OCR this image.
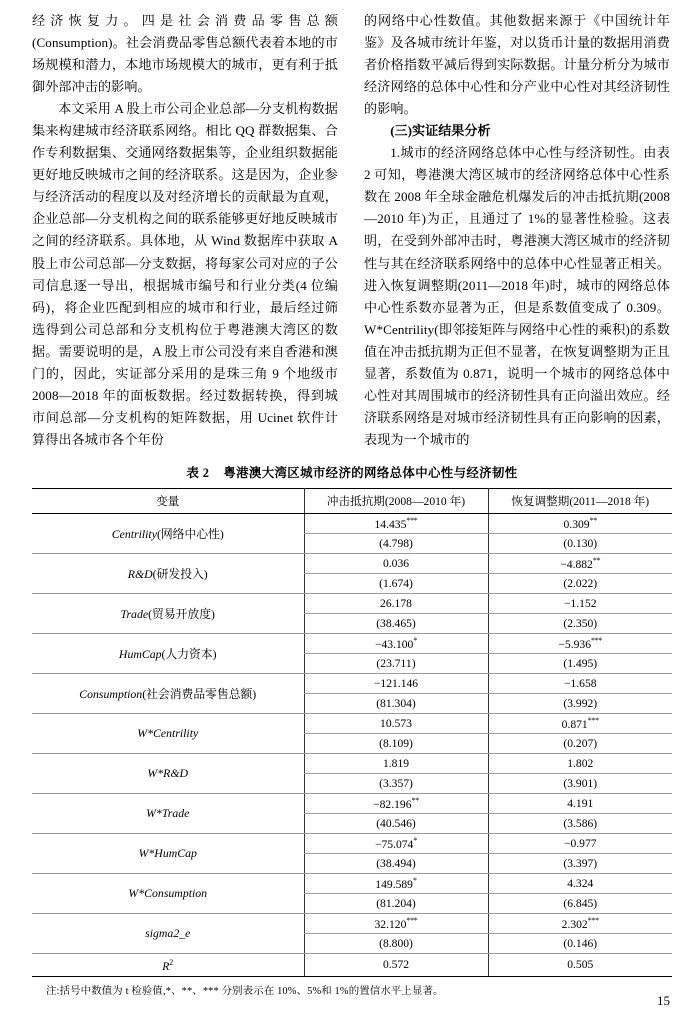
经济恢复力。四是社会消费品零售总额(Consumption)。社会消费品零售总额代表着本地的市场规模和潜力，本地市场规模大的城市，更有利于抵御外部冲击的影响。

本文采用 A 股上市公司企业总部—分支机构数据集来构建城市经济联系网络。相比 QQ 群数据集、合作专利数据集、交通网络数据集等，企业组织数据能更好地反映城市之间的经济联系。这是因为，企业参与经济活动的程度以及对经济增长的贡献最为直观，企业总部—分支机构之间的联系能够更好地反映城市之间的经济联系。具体地，从 Wind 数据库中获取 A 股上市公司总部—分支数据，将每家公司对应的子公司信息逐一导出，根据城市编号和行业分类(4 位编码)，将企业匹配到相应的城市和行业，最后经过筛选得到公司总部和分支机构位于粤港澳大湾区的数据。需要说明的是，A 股上市公司没有来自香港和澳门的，因此，实证部分采用的是珠三角 9 个地级市 2008—2018 年的面板数据。经过数据转换，得到城市间总部—分支机构的矩阵数据，用 Ucinet 软件计算得出各城市各个年份

的网络中心性数值。其他数据来源于《中国统计年鉴》及各城市统计年鉴，对以货币计量的数据用消费者价格指数平减后得到实际数据。计量分析分为城市经济网络的总体中心性和分产业中心性对其经济韧性的影响。

(三)实证结果分析

1.城市的经济网络总体中心性与经济韧性。由表 2 可知，粤港澳大湾区城市的经济网络总体中心性系数在 2008 年全球金融危机爆发后的冲击抵抗期(2008—2010 年)为正，且通过了 1%的显著性检验。这表明，在受到外部冲击时，粤港澳大湾区城市的经济韧性与其在经济联系网络中的总体中心性显著正相关。进入恢复调整期(2011—2018 年)时，城市的网络总体中心性系数亦显著为正，但是系数值变成了 0.309。W*Centrility(即邻接矩阵与网络中心性的乘积)的系数值在冲击抵抗期为正但不显著，在恢复调整期为正且显著，系数值为 0.871，说明一个城市的网络总体中心性对其周围城市的经济韧性具有正向溢出效应。经济联系网络是对城市经济韧性具有正向影响的因素，表现为一个城市的

表 2 粤港澳大湾区城市经济的网络总体中心性与经济韧性
变量	冲击抵抗期(2008—2010 年)	恢复调整期(2011—2018 年)
Centrility(网络中心性)	14.435***	0.309**
	(4.798)	(0.130)
R&D(研发投入)	0.036	−4.882**
	(1.674)	(2.022)
Trade(贸易开放度)	26.178	−1.152
	(38.465)	(2.350)
HumCap(人力资本)	−43.100*	−5.936***
	(23.711)	(1.495)
Consumption(社会消费品零售总额)	−121.146	−1.658
	(81.304)	(3.992)
W*Centrility	10.573	0.871***
	(8.109)	(0.207)
W*R&D	1.819	1.802
	(3.357)	(3.901)
W*Trade	−82.196**	4.191
	(40.546)	(3.586)
W*HumCap	−75.074*	−0.977
	(38.494)	(3.397)
W*Consumption	149.589*	4.324
	(81.204)	(6.845)
sigma2_e	32.120***	2.302***
	(8.800)	(0.146)
$R^2$	0.572	0.505
注:括号中数值为 t 检验值,*、**、*** 分别表示在 10%、5%和 1%的置信水平上显著。
15
